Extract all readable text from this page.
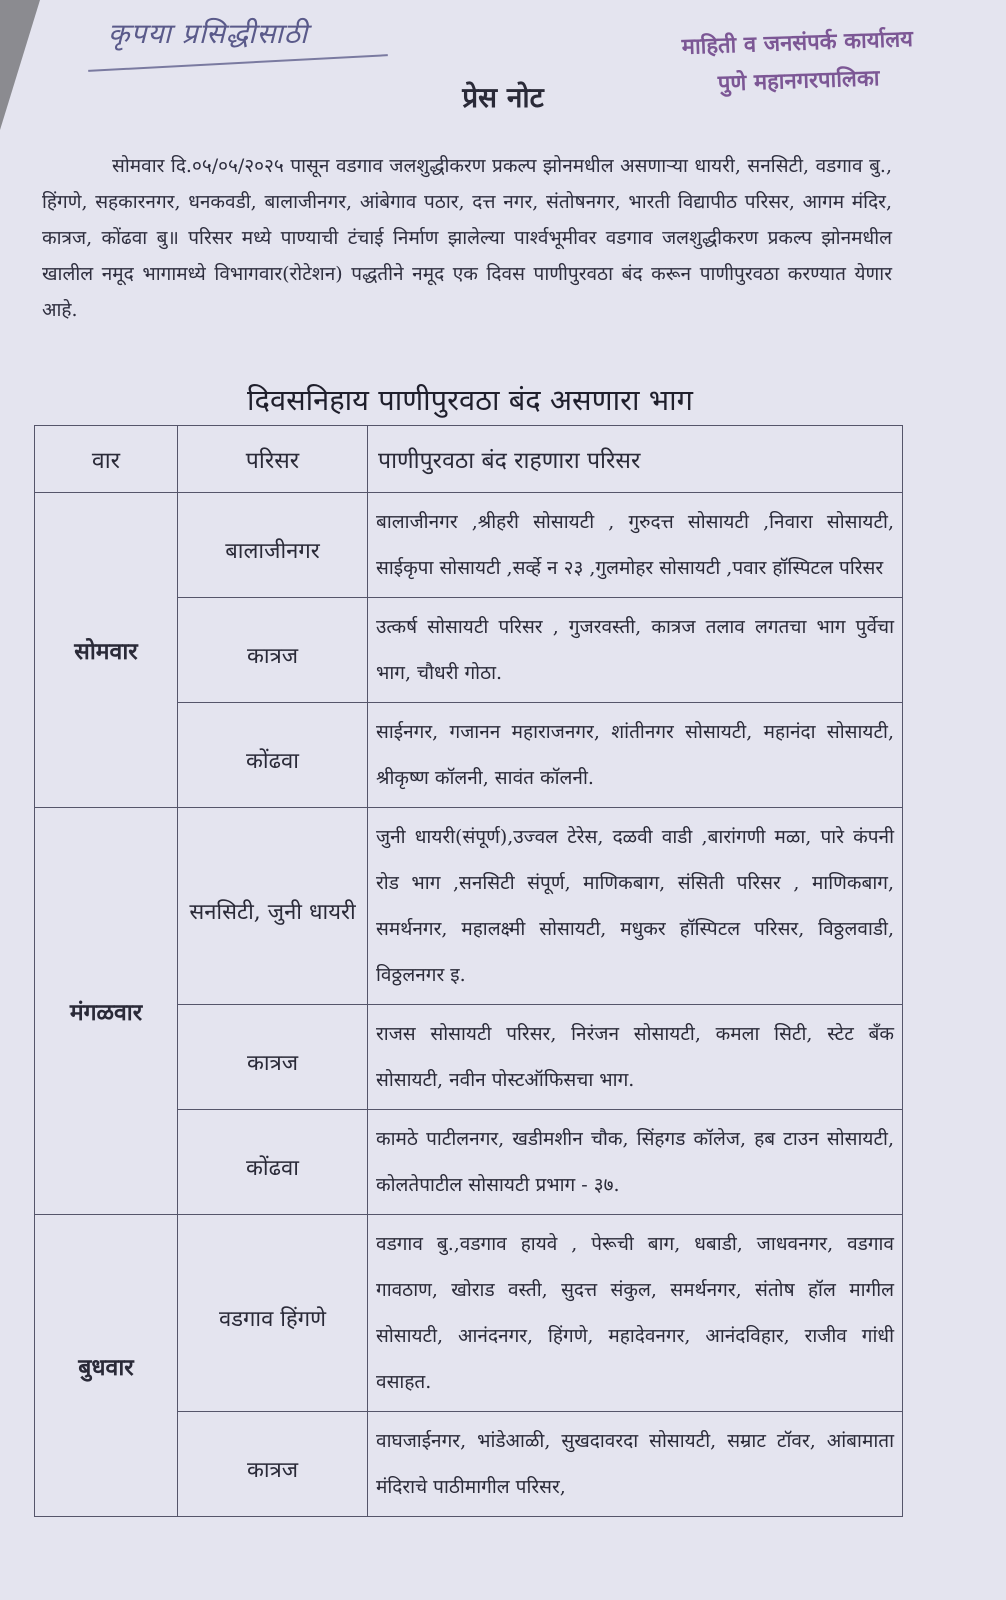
कृपया प्रसिद्धीसाठी	माहिती व जनसंपर्क कार्यालय
पुणे महानगरपालिका
प्रेस नोट
सोमवार दि.०५/०५/२०२५ पासून वडगाव जलशुद्धीकरण प्रकल्प झोनमधील असणाऱ्या धायरी, सनसिटी, वडगाव बु., हिंगणे, सहकारनगर, धनकवडी, बालाजीनगर, आंबेगाव पठार, दत्त नगर, संतोषनगर, भारती विद्यापीठ परिसर, आगम मंदिर, कात्रज, कोंढवा बु॥ परिसर मध्ये पाण्याची टंचाई निर्माण झालेल्या पार्श्वभूमीवर वडगाव जलशुद्धीकरण प्रकल्प झोनमधील खालील नमूद भागामध्ये विभागवार(रोटेशन) पद्धतीने नमूद एक दिवस पाणीपुरवठा बंद करून पाणीपुरवठा करण्यात येणार आहे.
दिवसनिहाय पाणीपुरवठा बंद असणारा भाग
वार	परिसर	पाणीपुरवठा बंद राहणारा परिसर
सोमवार	बालाजीनगर	बालाजीनगर ,श्रीहरी सोसायटी , गुरुदत्त सोसायटी ,निवारा सोसायटी, साईकृपा सोसायटी ,सर्व्हे न २३ ,गुलमोहर सोसायटी ,पवार हॉस्पिटल परिसर
	कात्रज	उत्कर्ष सोसायटी परिसर , गुजरवस्ती, कात्रज तलाव लगतचा भाग पुर्वेचा भाग, चौधरी गोठा.
	कोंढवा	साईनगर, गजानन महाराजनगर, शांतीनगर सोसायटी, महानंदा सोसायटी, श्रीकृष्ण कॉलनी, सावंत कॉलनी.
मंगळवार	सनसिटी, जुनी धायरी	जुनी धायरी(संपूर्ण),उज्वल टेरेस, दळवी वाडी ,बारांगणी मळा, पारे कंपनी रोड भाग ,सनसिटी संपूर्ण, माणिकबाग, संसिती परिसर , माणिकबाग, समर्थनगर, महालक्ष्मी सोसायटी, मधुकर हॉस्पिटल परिसर, विठ्ठलवाडी, विठ्ठलनगर इ.
	कात्रज	राजस सोसायटी परिसर, निरंजन सोसायटी, कमला सिटी, स्टेट बँक सोसायटी, नवीन पोस्टऑफिसचा भाग.
	कोंढवा	कामठे पाटीलनगर, खडीमशीन चौक, सिंहगड कॉलेज, हब टाउन सोसायटी, कोलतेपाटील सोसायटी प्रभाग - ३७.
बुधवार	वडगाव हिंगणे	वडगाव बु.,वडगाव हायवे , पेरूची बाग, धबाडी, जाधवनगर, वडगाव गावठाण, खोराड वस्ती, सुदत्त संकुल, समर्थनगर, संतोष हॉल मागील सोसायटी, आनंदनगर, हिंगणे, महादेवनगर, आनंदविहार, राजीव गांधी वसाहत.
	कात्रज	वाघजाईनगर, भांडेआळी, सुखदावरदा सोसायटी, सम्राट टॉवर, आंबामाता मंदिराचे पाठीमागील परिसर,
